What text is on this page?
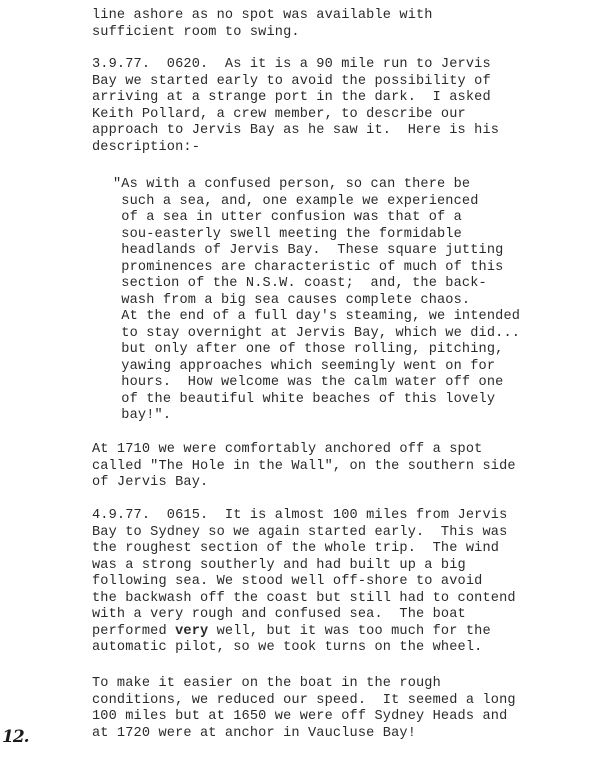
line ashore as no spot was available with
sufficient room to swing.
3.9.77.  0620.  As it is a 90 mile run to Jervis
Bay we started early to avoid the possibility of
arriving at a strange port in the dark.  I asked
Keith Pollard, a crew member, to describe our
approach to Jervis Bay as he saw it.  Here is his
description:-
"As with a confused person, so can there be
such a sea, and, one example we experienced
of a sea in utter confusion was that of a
sou-easterly swell meeting the formidable
headlands of Jervis Bay.  These square jutting
prominences are characteristic of much of this
section of the N.S.W. coast;  and, the back-
wash from a big sea causes complete chaos.
At the end of a full day's steaming, we intended
to stay overnight at Jervis Bay, which we did...
but only after one of those rolling, pitching,
yawing approaches which seemingly went on for
hours.  How welcome was the calm water off one
of the beautiful white beaches of this lovely
bay!".
At 1710 we were comfortably anchored off a spot
called "The Hole in the Wall", on the southern side
of Jervis Bay.
4.9.77.  0615.  It is almost 100 miles from Jervis
Bay to Sydney so we again started early.  This was
the roughest section of the whole trip.  The wind
was a strong southerly and had built up a big
following sea. We stood well off-shore to avoid
the backwash off the coast but still had to contend
with a very rough and confused sea.  The boat
performed very well, but it was too much for the
automatic pilot, so we took turns on the wheel.
To make it easier on the boat in the rough
conditions, we reduced our speed.  It seemed a long
100 miles but at 1650 we were off Sydney Heads and
at 1720 were at anchor in Vaucluse Bay!
12.
